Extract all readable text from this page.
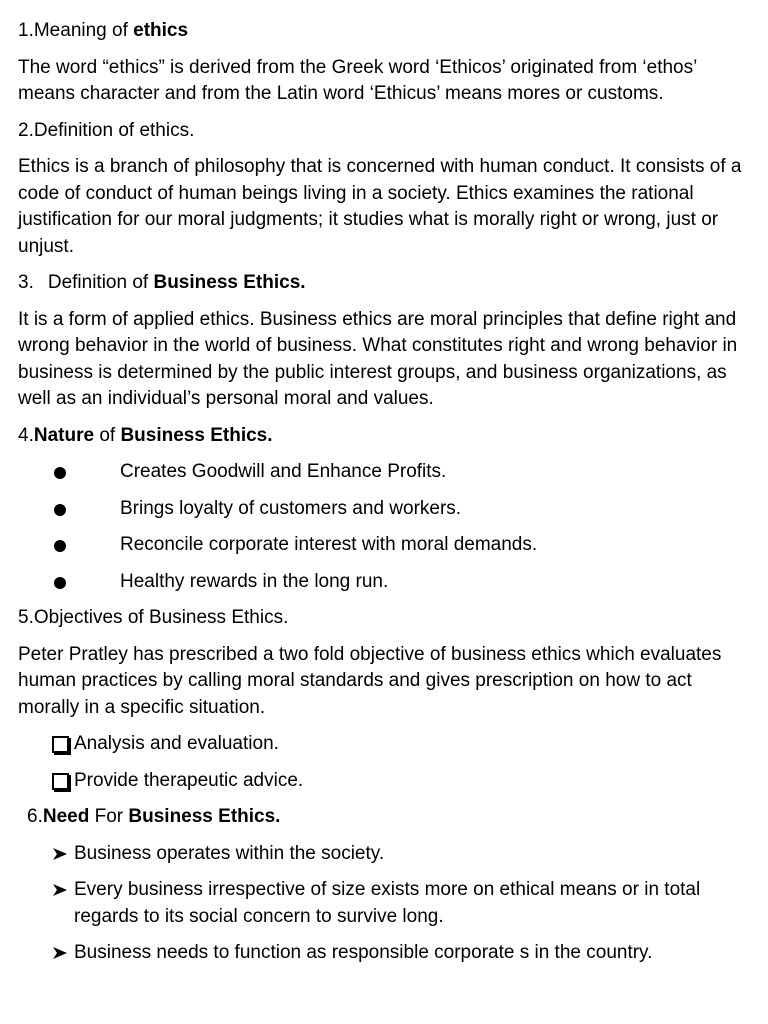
1.Meaning of ethics

The word “ethics” is derived from the Greek word ‘Ethicos’ originated from ‘ethos’ means character and from the Latin word ‘Ethicus’ means mores or customs.

2.Definition of ethics.

Ethics is a branch of philosophy that is concerned with human conduct. It consists of a code of conduct of human beings living in a society. Ethics examines the rational justification for our moral judgments; it studies what is morally right or wrong, just or unjust.

3. Definition of Business Ethics.

It is a form of applied ethics. Business ethics are moral principles that define right and wrong behavior in the world of business. What constitutes right and wrong behavior in business is determined by the public interest groups, and business organizations, as well as an individual’s personal moral and values.

4.Nature of Business Ethics.
Creates Goodwill and Enhance Profits.
Brings loyalty of customers and workers.
Reconcile corporate interest with moral demands.
Healthy rewards in the long run.
5.Objectives of Business Ethics.

Peter Pratley has prescribed a two fold objective of business ethics which evaluates human practices by calling moral standards and gives prescription on how to act morally in a specific situation.

Analysis and evaluation.
Provide therapeutic advice.
6.Need For Business Ethics.
Business operates within the society.
Every business irrespective of size exists more on ethical means or in total regards to its social concern to survive long.
Business needs to function as responsible corporate s in the country.
